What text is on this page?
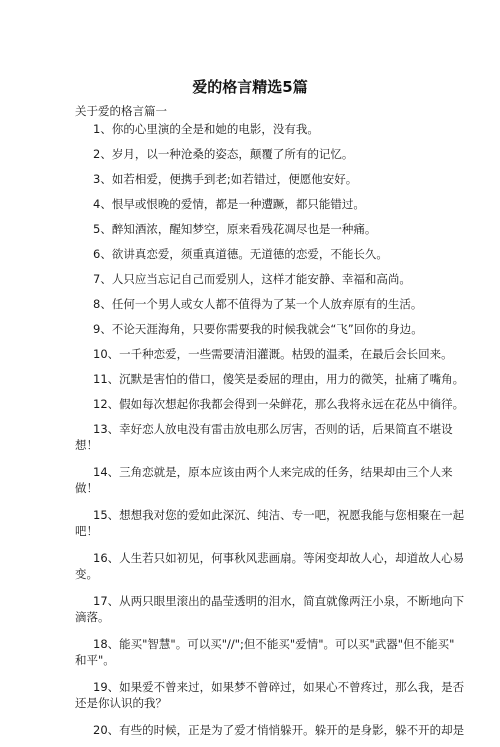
爱的格言精选5篇
关于爱的格言篇一
1、你的心里演的全是和她的电影，没有我。
2、岁月，以一种沧桑的姿态，颠覆了所有的记忆。
3、如若相爱，便携手到老;如若错过，便愿他安好。
4、恨早或恨晚的爱情，都是一种遭蹶，都只能错过。
5、醉知酒浓，醒知梦空，原来看残花凋尽也是一种痛。
6、欲讲真恋爱，须重真道德。无道德的恋爱，不能长久。
7、人只应当忘记自己而爱别人，这样才能安静、幸福和高尚。
8、任何一个男人或女人都不值得为了某一个人放弃原有的生活。
9、不论天涯海角，只要你需要我的时候我就会“飞”回你的身边。
10、一千种恋爱，一些需要清泪灌溉。枯毁的温柔，在最后会长回来。
11、沉默是害怕的借口，傻笑是委屈的理由，用力的微笑，扯痛了嘴角。
12、假如每次想起你我都会得到一朵鲜花，那么我将永远在花丛中徜徉。
13、幸好恋人放电没有雷击放电那么厉害，否则的话，后果简直不堪设
想！
14、三角恋就是，原本应该由两个人来完成的任务，结果却由三个人来
做！
15、想想我对您的爱如此深沉、纯洁、专一吧，祝愿我能与您相聚在一起
吧！
16、人生若只如初见，何事秋风悲画扇。等闲变却故人心，却道故人心易
变。
17、从两只眼里滚出的晶莹透明的泪水，简直就像两汪小泉，不断地向下
滴落。
18、能买"智慧"。可以买"//";但不能买"爱情"。可以买"武器"但不能买"
和平"。
19、如果爱不曾来过，如果梦不曾碎过，如果心不曾疼过，那么我，是否
还是你认识的我？
20、有些的时候，正是为了爱才悄悄躲开。躲开的是身影，躲不开的却是
